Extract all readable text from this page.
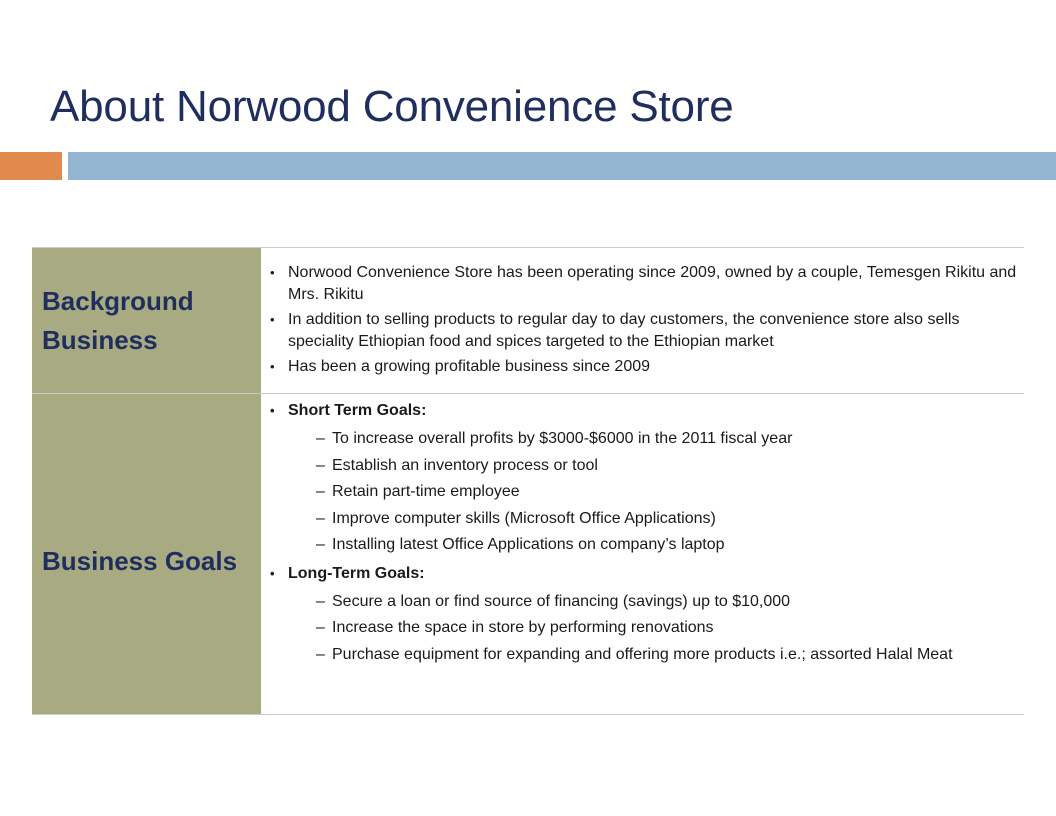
About Norwood Convenience Store

Background Business

• Norwood Convenience Store has been operating since 2009, owned by a couple, Temesgen Rikitu and Mrs. Rikitu
• In addition to selling products to regular day to day customers, the convenience store also sells speciality Ethiopian food and spices targeted to the Ethiopian market
• Has been a growing profitable business since 2009

Business Goals

• Short Term Goals:
– To increase overall profits by $3000-$6000 in the 2011 fiscal year
– Establish an inventory process or tool
– Retain part-time employee
– Improve computer skills (Microsoft Office Applications)
– Installing latest Office Applications on company’s laptop
• Long-Term Goals:
– Secure a loan or find source of financing (savings) up to $10,000
– Increase the space in store by performing renovations
– Purchase equipment for expanding and offering more products i.e.; assorted Halal Meat
